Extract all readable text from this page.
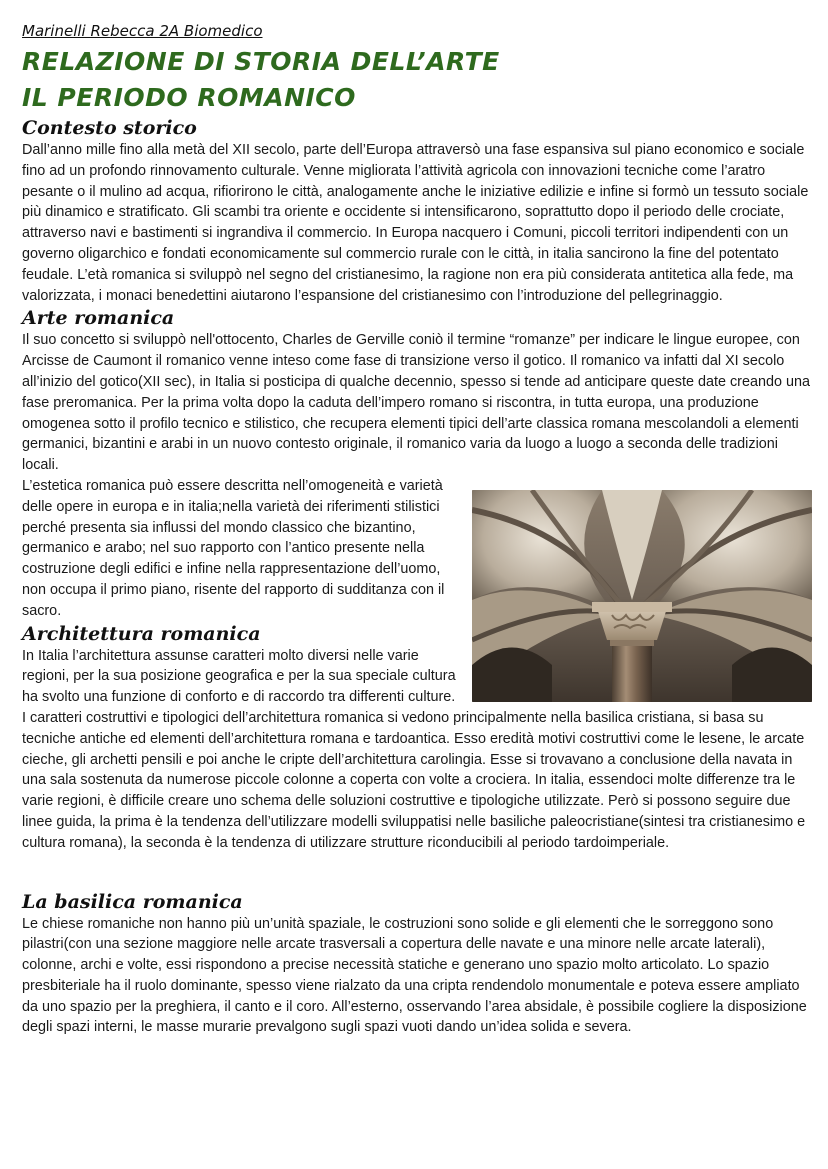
Marinelli Rebecca 2A Biomedico

RELAZIONE DI STORIA DELL’ARTE
IL PERIODO ROMANICO
Contesto storico

Dall’anno mille fino alla metà del XII secolo, parte dell’Europa attraversò una fase espansiva sul piano economico e sociale fino ad un profondo rinnovamento culturale. Venne migliorata l’attività agricola con innovazioni tecniche come l’aratro pesante o il mulino ad acqua, rifiorirono le città, analogamente anche le iniziative edilizie e infine si formò un tessuto sociale più dinamico e stratificato. Gli scambi tra oriente e occidente si intensificarono, soprattutto dopo il periodo delle crociate, attraverso navi e bastimenti si ingrandiva il commercio. In Europa nacquero i Comuni, piccoli territori indipendenti con un governo oligarchico e fondati economicamente sul commercio rurale con le città, in italia sancirono la fine del potentato feudale. L’età romanica si sviluppò nel segno del cristianesimo, la ragione non era più considerata antitetica alla fede, ma valorizzata, i monaci benedettini aiutarono l’espansione del cristianesimo con l’introduzione del pellegrinaggio.

Arte romanica

Il suo concetto si sviluppò nell'ottocento, Charles de Gerville coniò il termine “romanze” per indicare le lingue europee, con Arcisse de Caumont il romanico venne inteso come fase di transizione verso il gotico. Il romanico va infatti dal XI secolo all’inizio del gotico(XII sec), in Italia si posticipa di qualche decennio, spesso si tende ad anticipare queste date creando una fase preromanica. Per la prima volta dopo la caduta dell’impero romano si riscontra, in tutta europa, una produzione omogenea sotto il profilo tecnico e stilistico, che recupera elementi tipici dell’arte classica romana mescolandoli a elementi germanici, bizantini e arabi in un nuovo contesto originale, il romanico varia da luogo a luogo a seconda delle tradizioni locali.

L’estetica romanica può essere descritta nell’omogeneità e varietà delle opere in europa e in italia;nella varietà dei riferimenti stilistici perché presenta sia influssi del mondo classico che bizantino, germanico e arabo; nel suo rapporto con l’antico presente nella costruzione degli edifici e infine nella rappresentazione dell’uomo, non occupa il primo piano, risente del rapporto di sudditanza con il sacro.

Architettura romanica

In Italia l’architettura assunse caratteri molto diversi nelle varie regioni, per la sua posizione geografica e per la sua speciale cultura ha svolto una funzione di conforto e di raccordo tra differenti culture. I caratteri costruttivi e tipologici dell’architettura romanica si vedono principalmente nella basilica cristiana, si basa su tecniche antiche ed elementi dell’architettura romana e tardoantica. Esso eredità motivi costruttivi come le lesene, le arcate cieche, gli archetti pensili e poi anche le cripte dell’architettura carolingia. Esse si trovavano a conclusione della navata in una sala sostenuta da numerose piccole colonne a coperta con volte a crociera. In italia, essendoci molte differenze tra le varie regioni, è difficile creare uno schema delle soluzioni costruttive e tipologiche utilizzate. Però si possono seguire due linee guida, la prima è la tendenza dell’utilizzare modelli sviluppatisi nelle basiliche paleocristiane(sintesi tra cristianesimo e cultura romana), la seconda è la tendenza di utilizzare strutture riconducibili al periodo tardoimperiale.

La basilica romanica

Le chiese romaniche non hanno più un’unità spaziale, le costruzioni sono solide e gli elementi che le sorreggono sono pilastri(con una sezione maggiore nelle arcate trasversali a copertura delle navate e una minore nelle arcate laterali), colonne, archi e volte, essi rispondono a precise necessità statiche e generano uno spazio molto articolato. Lo spazio presbiteriale ha il ruolo dominante, spesso viene rialzato da una cripta rendendolo monumentale e poteva essere ampliato da uno spazio per la preghiera, il canto e il coro. All’esterno, osservando l’area absidale, è possibile cogliere la disposizione degli spazi interni, le masse murarie prevalgono sugli spazi vuoti dando un’idea solida e severa.
